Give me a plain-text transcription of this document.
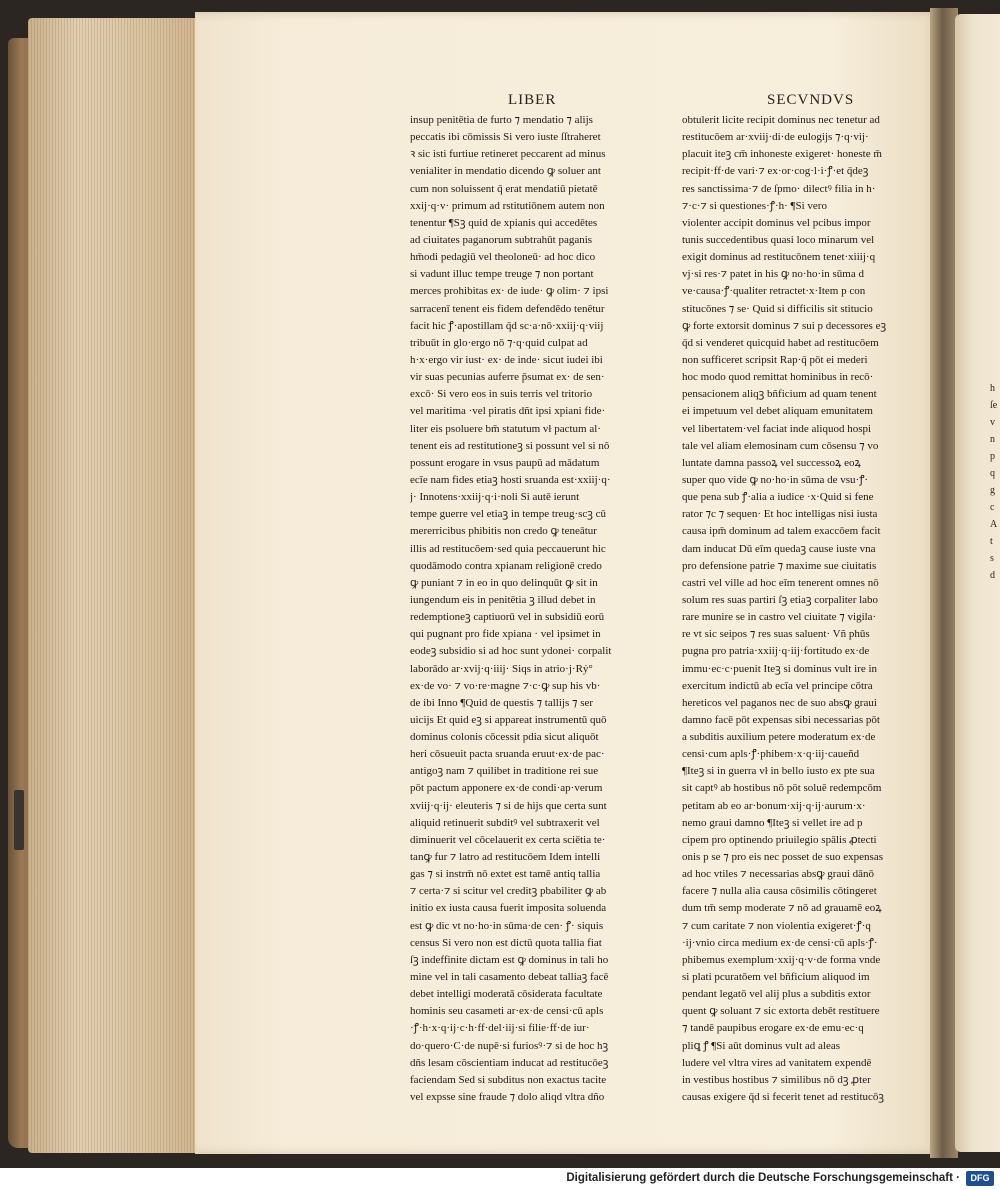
LIBER	SECVNDVS
insup penitētia de furto ⁊ mendatio ⁊ alijs
peccatis ibi cōmissis Si vero iuste ſſtraheret
ꝛ sic isti furtiue retineret peccarent ad minus
venialiter in mendatio dicendo ꝙ soluer ant
cum non soluissent q̄ erat mendatiū pietatē
xxij·q·v· primum ad rstitutiōnem autem non
tenentur ¶Sꝫ quid de xpianis qui accedētes
ad ciuitates paganorum subtrahūt paganis
hm̄odi pedagiū vel theoloneū· ad hoc dico
si vadunt illuc tempe treuge ⁊ non portant
merces prohibitas ex· de iude· ꝙ olim· ⁊ ipsi
sarracenī tenent eis fidem defendēdo tenētur
facit hic ꝭ·apostillam q̄d sc·a·nō·xxiij·q·viij
tribuūt in glo·ergo nō ⁊·q·quid culpat ad
h·x·ergo vir iust· ex· de inde· sicut iudei ibi
vir suas pecunias auferre p̄sumat ex· de sen·
excō· Si vero eos in suis terris vel tritorio
vel maritima ·vel piratis dñt ipsi xpiani fide·
liter eis psoluere bm̄ statutum vł pactum al·
tenent eis ad restitutioneꝫ si possunt vel si nō
possunt erogare in vsus paupū ad mādatum
ecīe nam fides etiaꝫ hosti sruanda est·xxiij·q·
j· Innotens·xxiij·q·i·noli Si autē ierunt
tempe guerre vel etiaꝫ in tempe treug·scꝫ cū
mererricibus phibitis non credo ꝙ teneātur
illis ad restitucōem·sed quia peccauerunt hic
quodāmodo contra xpianam religionē credo
ꝙ puniant ⁊ in eo in quo delinquūt ꝙ sit in
iungendum eis in penitētia ꝫ illud debet in
redemptioneꝫ captiuorū vel in subsidiū eorū
qui pugnant pro fide xpiana · vel ipsimet in
eodeꝫ subsidio si ad hoc sunt ydonei· corpalit
laborādo ar·xvij·q·iiij· Siqs in atrio·j·Rẏ°
ex·de vo· ⁊ vo·re·magne ⁊·c·ꝙ sup his vb·
de ibi Inno ¶Quid de questis ⁊ tallijs ⁊ ser
uicijs Et quid eꝫ si appareat instrumentū quō
dominus colonis cōcessit pdia sicut aliquōt
heri cōsueuit pacta sruanda eruut·ex·de pac·
antigoꝫ nam ⁊ quilibet in traditione rei sue
pōt pactum apponere ex·de condi·ap·verum
xviij·q·ij· eleuteris ⁊ si de hijs que certa sunt
aliquid retinuerit subditꝰ vel subtraxerit vel
diminuerit vel cōcelauerit ex certa sciētia te·
tanꝙ fur ⁊ latro ad restitucōem Idem intelli
gas ⁊ si instrm̄ nō extet est tamē antiq tallia
⁊ certa·⁊ si scitur vel creditꝫ pbabiliter ꝙ ab
initio ex iusta causa fuerit imposita soluenda
est ꝙ dic vt no·ho·in sūma·de cen· ꝭ· siquis
census Si vero non est dictū quota tallia fiat
ſꝫ indeffinite dictam est ꝙ dominus in tali ho
mine vel in tali casamento debeat talliaꝫ facē
debet intelligi moderatā cōsiderata facultate
hominis seu casameti ar·ex·de censi·cū apls
·ꝭ·h·x·q·ij·c·h·ff·del·iij·si filie·ff·de iur·
do·quero·C·de nupē·si furiosꝰ·⁊ si de hoc hꝫ
dñs lesam cōscientiam inducat ad restitucōeꝫ
faciendam Sed si subditus non exactus tacite
vel expsse sine fraude ⁊ dolo aliqd vltra dño
obtulerit licite recipit dominus nec tenetur ad
restitucōem ar·xviij·di·de eulogijs ⁊·q·vij·
placuit iteꝫ cm̄ inhoneste exigeret· honeste m̄
recipit·ff·de vari·⁊ ex·or·cog·l·i·ꝭ·et q̄deꝫ
res sanctissima·⁊ de ſpmo· dilectꝰ filia in h·
⁊·c·⁊ si questiones·ꝭ·h· ¶Si vero
violenter accipit dominus vel pcibus impor
tunis succedentibus quasi loco minarum vel
exigit dominus ad restitucōnem tenet·xiiij·q
vj·si res·⁊ patet in his ꝙ no·ho·in sūma d
ve·causa·ꝭ·qualiter retractet·x·Item p con
stitucōnes ⁊ se· Quid si difficilis sit stitucio
ꝙ forte extorsit dominus ⁊ sui p decessores eꝫ
q̄d si venderet quicquid habet ad restitucōem
non sufficeret scripsit Rap·q̄ pōt ei mederi
hoc modo quod remittat hominibus in recō·
pensacionem aliqꝫ bñficium ad quam tenent
ei impetuum vel debet aliquam emunitatem
vel libertatem·vel faciat inde aliquod hospi
tale vel aliam elemosinam cum cōsensu ⁊ vo
luntate damna passoꝝ vel successoꝝ eoꝝ
super quo vide ꝙ no·ho·in sūma de vsu·ꝭ·
que pena sub ꝭ·alia a iudice ·x·Quid si fene
rator ⁊c ⁊ sequen· Et hoc intelligas nisi iusta
causa ipm̄ dominum ad talem exaccōem facit
dam inducat Dū eīm quedaꝫ cause iuste vna
pro defensione patrie ⁊ maxime sue ciuitatis
castri vel ville ad hoc eīm tenerent omnes nō
solum res suas partiri ſꝫ etiaꝫ corpaliter labo
rare munire se in castro vel ciuitate ⁊ vigila·
re vt sic seipos ⁊ res suas saluent· Vñ phūs
pugna pro patria·xxiij·q·iij·fortitudo ex·de
immu·ec·c·puenit Iteꝫ si dominus vult ire in
exercitum indictū ab ecīa vel principe cōtra
hereticos vel paganos nec de suo absꝙ graui
damno facē pōt expensas sibi necessarias pōt
a subditis auxilium petere moderatum ex·de
censi·cum apls·ꝭ·phibem·x·q·iij·caueñd
¶Iteꝫ si in guerra vł in bello iusto ex pte sua
sit captꝰ ab hostibus nō pōt soluē redempcōm
petitam ab eo ar·bonum·xij·q·ij·aurum·x·
nemo graui damno ¶Iteꝫ si vellet ire ad p
cipem pro optinendo priuilegio spālis ꝓtecti
onis p se ⁊ pro eis nec posset de suo expensas
ad hoc vtiles ⁊ necessarias absꝙ graui dānō
facere ⁊ nulla alia causa cōsimilis cōtingeret
dum tm̄ semp moderate ⁊ nō ad grauamē eoꝝ
⁊ cum caritate ⁊ non violentia exigeret·ꝭ·q
·ij·vnio circa medium ex·de censi·cū apls·ꝭ·
phibemus exemplum·xxij·q·v·de forma vnde
si plati pcuratōem vel bñficium aliquod im
pendant legatō vel alij plus a subditis extor
quent ꝙ soluant ⁊ sic extorta debēt restituere
⁊ tandē paupibus erogare ex·de emu·ec·q
pliꝗ ꝭ ¶Si aūt dominus vult ad aleas
ludere vel vltra vires ad vanitatem expendē
in vestibus hostibus ⁊ similibus nō dꝫ ꝓter
causas exigere q̄d si fecerit tenet ad restitucōꝫ
h
ſe
v
n
p
q
g
c
A
t
s
d
Digitalisierung gefördert durch die Deutsche Forschungsgemeinschaft ·	DFG
